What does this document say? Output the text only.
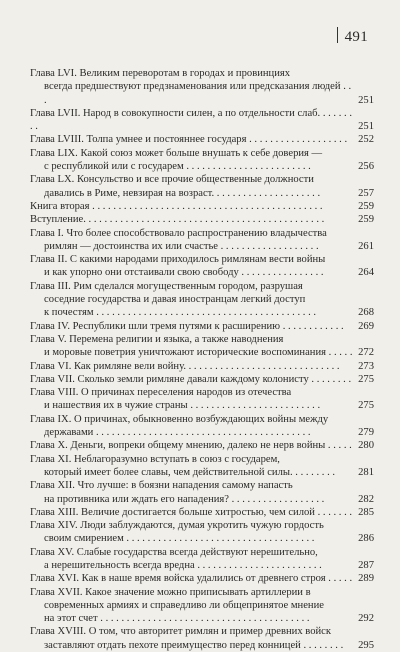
491
Глава LVI. Великим переворотам в городах и провинциях
всегда предшествуют предзнаменования или предсказания людей . . .	251
Глава LVII. Народ в совокупности силен, а по отдельности слаб. . . . . . . . .	251
Глава LVIII. Толпа умнее и постояннее государя . . . . . . . . . . . . . . . . . . .	252
Глава LIX. Какой союз может больше внушать к себе доверия —
с республикой или с государем . . . . . . . . . . . . . . . . . . . . . . . .	256
Глава LX. Консульство и все прочие общественные должности
давались в Риме, невзирая на возраст. . . . . . . . . . . . . . . . . . . . .	257
Книга вторая . . . . . . . . . . . . . . . . . . . . . . . . . . . . . . . . . . . . . . . . . . . .	259
Вступление. . . . . . . . . . . . . . . . . . . . . . . . . . . . . . . . . . . . . . . . . . . . . .	259
Глава I. Что более способствовало распространению владычества
римлян — достоинства их или счастье . . . . . . . . . . . . . . . . . . .	261
Глава II. С какими народами приходилось римлянам вести войны
и как упорно они отстаивали свою свободу . . . . . . . . . . . . . . . .	264
Глава III. Рим сделался могущественным городом, разрушая
соседние государства и давая иностранцам легкий доступ
к почестям . . . . . . . . . . . . . . . . . . . . . . . . . . . . . . . . . . . . . . . . . .	268
Глава IV. Республики шли тремя путями к расширению . . . . . . . . . . . .	269
Глава V. Перемена религии и языка, а также наводнения
и моровые поветрия уничтожают исторические воспоминания . . . . . 272
Глава VI. Как римляне вели войну. . . . . . . . . . . . . . . . . . . . . . . . . . . . . .	273
Глава VII. Сколько земли римляне давали каждому колонисту . . . . . . . . 275
Глава VIII. О причинах переселения народов из отечества
и нашествия их в чужие страны . . . . . . . . . . . . . . . . . . . . . . . . .	275
Глава IX. О причинах, обыкновенно возбуждающих войны между
державами . . . . . . . . . . . . . . . . . . . . . . . . . . . . . . . . . . . . . . . . .	279
Глава X. Деньги, вопреки общему мнению, далеко не нерв войны . . . . . 280
Глава XI. Неблагоразумно вступать в союз с государем,
который имеет более славы, чем действительной силы. . . . . . . . .	281
Глава XII. Что лучше: в боязни нападения самому напасть
на противника или ждать его нападения? . . . . . . . . . . . . . . . . . .	282
Глава XIII. Величие достигается больше хитростью, чем силой . . . . . . . 285
Глава XIV. Люди заблуждаются, думая укротить чужую гордость
своим смирением . . . . . . . . . . . . . . . . . . . . . . . . . . . . . . . . . . . .	286
Глава XV. Слабые государства всегда действуют нерешительно,
а нерешительность всегда вредна . . . . . . . . . . . . . . . . . . . . . . . .	287
Глава XVI. Как в наше время войска удалились от древнего строя . . . . . 289
Глава XVII. Какое значение можно приписывать артиллерии в
современных армиях и справедливо ли общепринятое мнение
на этот счет . . . . . . . . . . . . . . . . . . . . . . . . . . . . . . . . . . . . . . . .	292
Глава XVIII. О том, что авторитет римлян и пример древних войск
заставляют отдать пехоте преимущество перед конницей . . . . . . . .	295
